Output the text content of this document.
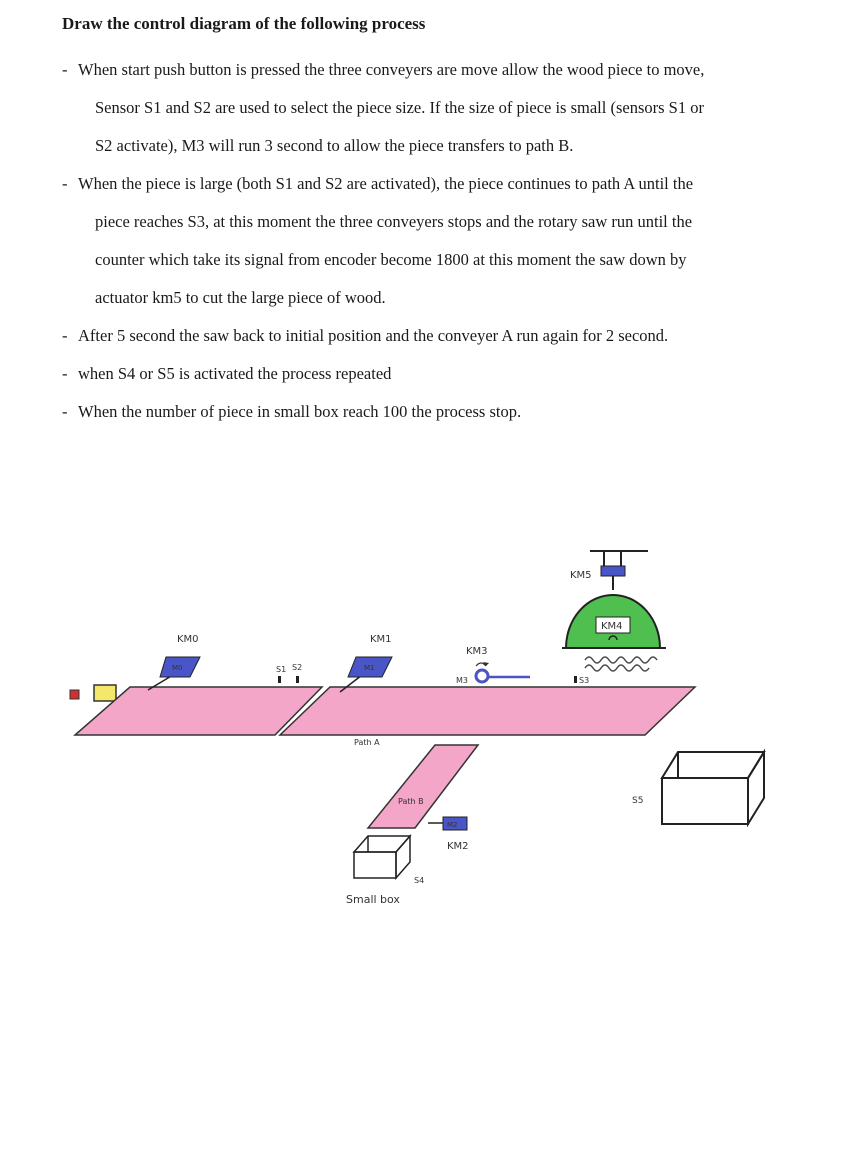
Draw the control diagram of the following process
- When start push button is pressed the three conveyers are move allow the wood piece to move,
Sensor S1 and S2 are used to select the piece size. If the size of piece is small (sensors S1 or
S2 activate), M3 will run 3 second to allow the piece transfers to path B.
- When the piece is large (both S1 and S2 are activated), the piece continues to path A until the
piece reaches S3, at this moment the three conveyers stops and the rotary saw run until the
counter which take its signal from encoder become 1800 at this moment the saw down by
actuator km5 to cut the large piece of wood.
- After 5 second the saw back to initial position and the conveyer A run again for 2 second.
- when S4 or S5 is activated the process repeated
- When the number of piece in small box reach 100 the process stop.
M0
KM0
S1 S2	M1
KM1
KM3
M3
KM5
KM4
S3
Path A
Path B
M2
KM2
S4
Small box
S5
